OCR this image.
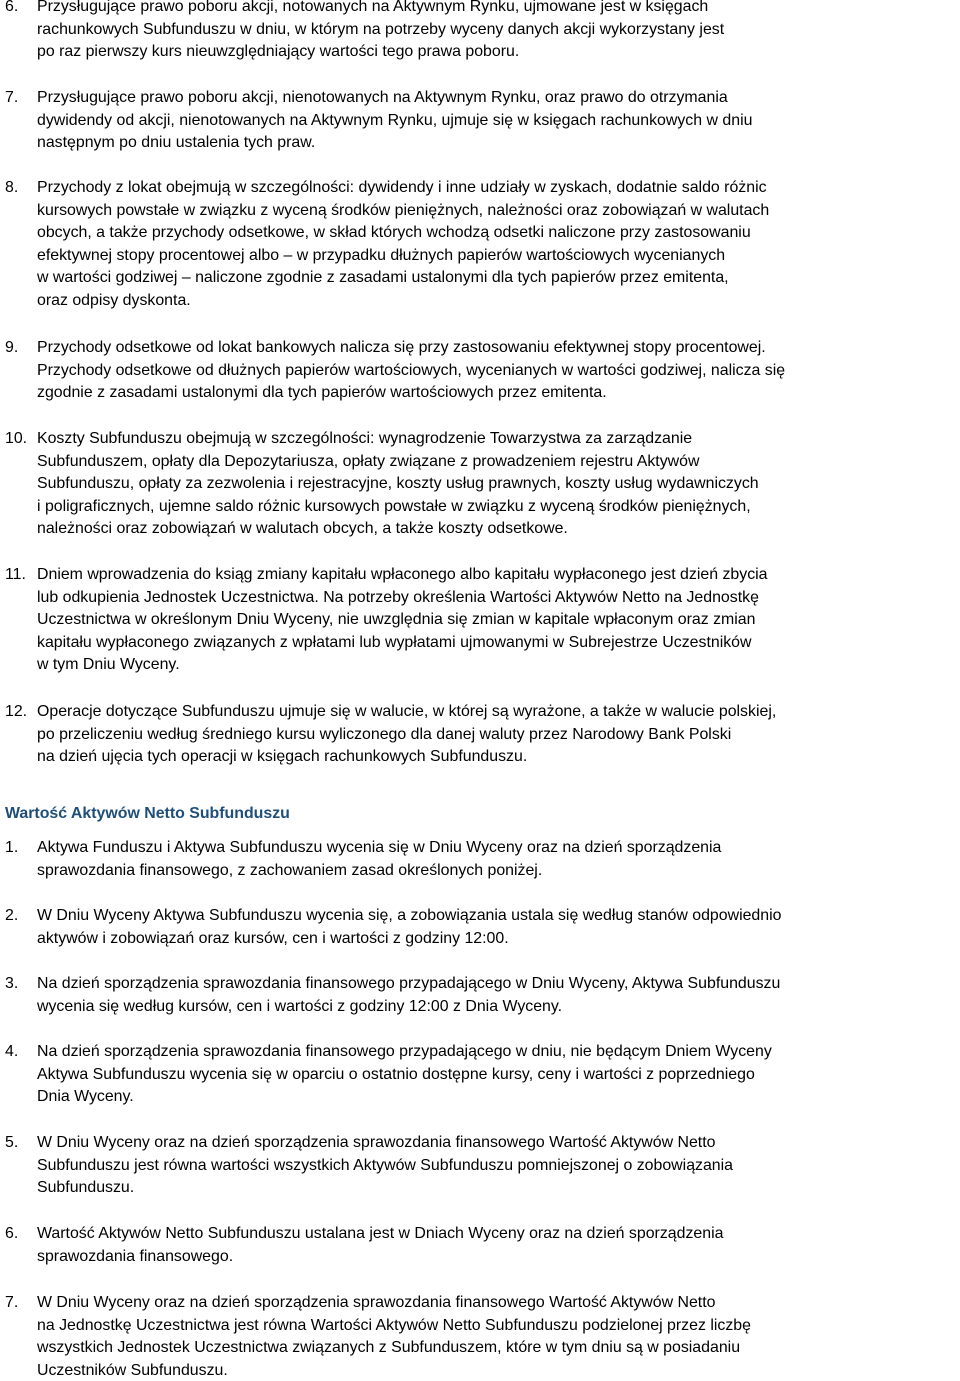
6. Przysługujące prawo poboru akcji, notowanych na Aktywnym Rynku, ujmowane jest w księgach
rachunkowych Subfunduszu w dniu, w którym na potrzeby wyceny danych akcji wykorzystany jest
po raz pierwszy kurs nieuwzględniający wartości tego prawa poboru.
7. Przysługujące prawo poboru akcji, nienotowanych na Aktywnym Rynku, oraz prawo do otrzymania
dywidendy od akcji, nienotowanych na Aktywnym Rynku, ujmuje się w księgach rachunkowych w dniu
następnym po dniu ustalenia tych praw.
8. Przychody z lokat obejmują w szczególności: dywidendy i inne udziały w zyskach, dodatnie saldo różnic
kursowych powstałe w związku z wyceną środków pieniężnych, należności oraz zobowiązań w walutach
obcych, a także przychody odsetkowe, w skład których wchodzą odsetki naliczone przy zastosowaniu
efektywnej stopy procentowej albo – w przypadku dłużnych papierów wartościowych wycenianych
w wartości godziwej – naliczone zgodnie z zasadami ustalonymi dla tych papierów przez emitenta,
oraz odpisy dyskonta.
9. Przychody odsetkowe od lokat bankowych nalicza się przy zastosowaniu efektywnej stopy procentowej.
Przychody odsetkowe od dłużnych papierów wartościowych, wycenianych w wartości godziwej, nalicza się
zgodnie z zasadami ustalonymi dla tych papierów wartościowych przez emitenta.
10. Koszty Subfunduszu obejmują w szczególności: wynagrodzenie Towarzystwa za zarządzanie
Subfunduszem, opłaty dla Depozytariusza, opłaty związane z prowadzeniem rejestru Aktywów
Subfunduszu, opłaty za zezwolenia i rejestracyjne, koszty usług prawnych, koszty usług wydawniczych
i poligraficznych, ujemne saldo różnic kursowych powstałe w związku z wyceną środków pieniężnych,
należności oraz zobowiązań w walutach obcych, a także koszty odsetkowe.
11. Dniem wprowadzenia do ksiąg zmiany kapitału wpłaconego albo kapitału wypłaconego jest dzień zbycia
lub odkupienia Jednostek Uczestnictwa. Na potrzeby określenia Wartości Aktywów Netto na Jednostkę
Uczestnictwa w określonym Dniu Wyceny, nie uwzględnia się zmian w kapitale wpłaconym oraz zmian
kapitału wypłaconego związanych z wpłatami lub wypłatami ujmowanymi w Subrejestrze Uczestników
w tym Dniu Wyceny.
12. Operacje dotyczące Subfunduszu ujmuje się w walucie, w której są wyrażone, a także w walucie polskiej,
po przeliczeniu według średniego kursu wyliczonego dla danej waluty przez Narodowy Bank Polski
na dzień ujęcia tych operacji w księgach rachunkowych Subfunduszu.
Wartość Aktywów Netto Subfunduszu
1. Aktywa Funduszu i Aktywa Subfunduszu wycenia się w Dniu Wyceny oraz na dzień sporządzenia
sprawozdania finansowego, z zachowaniem zasad określonych poniżej.
2. W Dniu Wyceny Aktywa Subfunduszu wycenia się, a zobowiązania ustala się według stanów odpowiednio
aktywów i zobowiązań oraz kursów, cen i wartości z godziny 12:00.
3. Na dzień sporządzenia sprawozdania finansowego przypadającego w Dniu Wyceny, Aktywa Subfunduszu
wycenia się według kursów, cen i wartości z godziny 12:00 z Dnia Wyceny.
4. Na dzień sporządzenia sprawozdania finansowego przypadającego w dniu, nie będącym Dniem Wyceny
Aktywa Subfunduszu wycenia się w oparciu o ostatnio dostępne kursy, ceny i wartości z poprzedniego
Dnia Wyceny.
5. W Dniu Wyceny oraz na dzień sporządzenia sprawozdania finansowego Wartość Aktywów Netto
Subfunduszu jest równa wartości wszystkich Aktywów Subfunduszu pomniejszonej o zobowiązania
Subfunduszu.
6. Wartość Aktywów Netto Subfunduszu ustalana jest w Dniach Wyceny oraz na dzień sporządzenia
sprawozdania finansowego.
7. W Dniu Wyceny oraz na dzień sporządzenia sprawozdania finansowego Wartość Aktywów Netto
na Jednostkę Uczestnictwa jest równa Wartości Aktywów Netto Subfunduszu podzielonej przez liczbę
wszystkich Jednostek Uczestnictwa związanych z Subfunduszem, które w tym dniu są w posiadaniu
Uczestników Subfunduszu.
